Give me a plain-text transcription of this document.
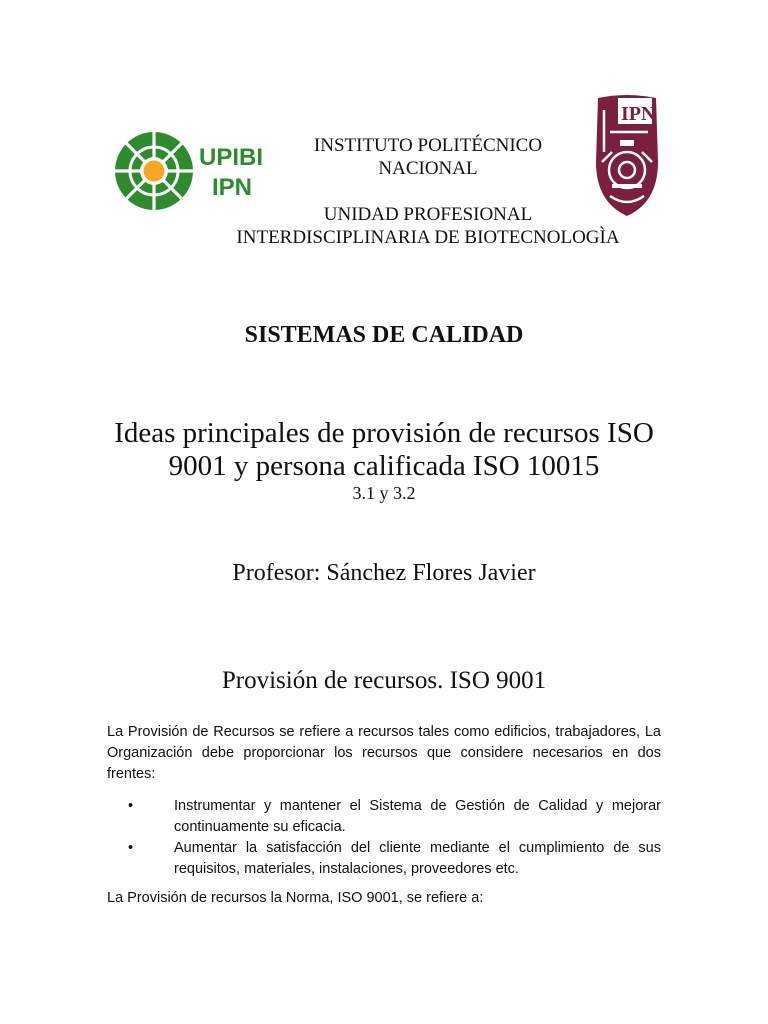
UPIBI
IPN
IPN
INSTITUTO POLITÉCNICO
NACIONAL
UNIDAD PROFESIONAL
INTERDISCIPLINARIA DE BIOTECNOLOGÌA
SISTEMAS DE CALIDAD
Ideas principales de provisión de recursos ISO
9001 y persona calificada ISO 10015
3.1 y 3.2
Profesor: Sánchez Flores Javier
Provisión de recursos. ISO 9001
La Provisión de Recursos se refiere a recursos tales como edificios, trabajadores, La Organización debe proporcionar los recursos que considere necesarios en dos frentes:
•	Instrumentar y mantener el Sistema de Gestión de Calidad y mejorar continuamente su eficacia.
•	Aumentar la satisfacción del cliente mediante el cumplimiento de sus requisitos, materiales, instalaciones, proveedores etc.
La Provisión de recursos la Norma, ISO 9001, se refiere a:
